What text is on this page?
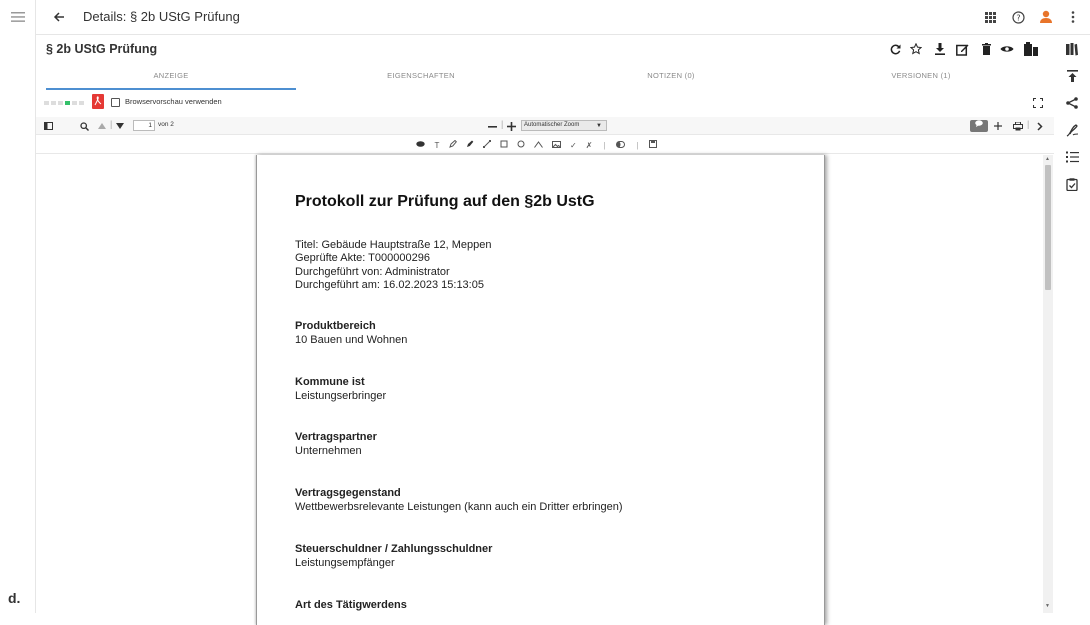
d.
Details: § 2b UStG Prüfung	?
§ 2b UStG Prüfung
ANZEIGE	EIGENSCHAFTEN	NOTIZEN (0)	VERSIONEN (1)
Browservorschau verwenden
|
1	von 2	|	Automatischer Zoom	▼	|
T	✓ ✗ |	|
Protokoll zur Prüfung auf den §2b UstG
Titel: Gebäude Hauptstraße 12, Meppen
Geprüfte Akte: T000000296
Durchgeführt von: Administrator
Durchgeführt am: 16.02.2023 15:13:05
Produktbereich
10 Bauen und Wohnen
Kommune ist
Leistungserbringer
Vertragspartner
Unternehmen
Vertragsgegenstand
Wettbewerbsrelevante Leistungen (kann auch ein Dritter erbringen)
Steuerschuldner / Zahlungsschuldner
Leistungsempfänger
Art des Tätigwerdens
▲
▼
